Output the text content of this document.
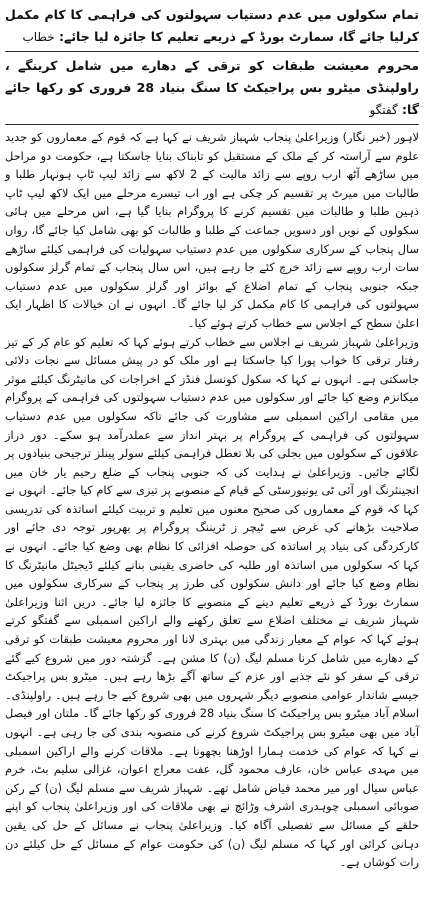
تمام سکولوں میں عدم دستیاب سہولتوں کی فراہمی کا کام مکمل کرلیا جائے گا، سمارٹ بورڈ کے ذریعے تعلیم کا جائزہ لیا جائے: خطاب
محروم معیشت طبقات کو ترقی کے دھارے میں شامل کرینگے ، راولپنڈی میٹرو بس پراجیکٹ کا سنگ بنیاد 28 فروری کو رکھا جائے گا: گفتگو

لاہور (خبر نگار) وزیراعلیٰ پنجاب شہباز شریف نے کہا ہے کہ قوم کے معماروں کو جدید علوم سے آراستہ کر کے ملک کے مستقبل کو تابناک بنایا جاسکتا ہے، حکومت دو مراحل میں ساڑھے آٹھ ارب روپے سے زائد مالیت کے 2 لاکھ سے زائد لیپ ٹاپ ہونہار طلبا و طالبات میں میرٹ پر تقسیم کر چکی ہے اور اب تیسرے مرحلے میں ایک لاکھ لیپ ٹاپ ذہین طلبا و طالبات میں تقسیم کرنے کا پروگرام بنایا گیا ہے، اس مرحلے میں ہائی سکولوں کے نویں اور دسویں جماعت کے طلبا و طالبات کو بھی شامل کیا جائے گا، رواں سال پنجاب کے سرکاری سکولوں میں عدم دستیاب سہولیات کی فراہمی کیلئے ساڑھے سات ارب روپے سے زائد خرچ کئے جا رہے ہیں، اس سال پنجاب کے تمام گرلز سکولوں جبکہ جنوبی پنجاب کے تمام اضلاع کے بوائز اور گرلز سکولوں میں عدم دستیاب سہولتوں کی فراہمی کا کام مکمل کر لیا جائے گا۔ انہوں نے ان خیالات کا اظہار ایک اعلیٰ سطح کے اجلاس سے خطاب کرتے ہوئے کیا۔

وزیراعلیٰ شہباز شریف نے اجلاس سے خطاب کرتے ہوئے کہا کہ تعلیم کو عام کر کے تیز رفتار ترقی کا خواب پورا کیا جاسکتا ہے اور ملک کو در پیش مسائل سے نجات دلائی جاسکتی ہے۔ انہوں نے کہا کہ سکول کونسل فنڈز کے اخراجات کی مانیٹرنگ کیلئے موثر میکانزم وضع کیا جائے اور سکولوں میں عدم دستیاب سہولتوں کی فراہمی کے پروگرام میں مقامی اراکین اسمبلی سے مشاورت کی جائے تاکہ سکولوں میں عدم دستیاب سہولتوں کی فراہمی کے پروگرام پر بہتر انداز سے عملدرآمد ہو سکے۔ دور دراز علاقوں کے سکولوں میں بجلی کی بلا تعطل فراہمی کیلئے سولر پینلز ترجیحی بنیادوں پر لگائے جائیں۔ وزیراعلیٰ نے ہدایت کی کہ جنوبی پنجاب کے ضلع رحیم یار خان میں انجینئرنگ اور آئی ٹی یونیورسٹی کے قیام کے منصوبے پر تیزی سے کام کیا جائے۔ انہوں نے کہا کہ قوم کے معماروں کی صحیح معنوں میں تعلیم و تربیت کیلئے اساتذہ کی تدریسی صلاحیت بڑھانے کی غرض سے ٹیچر ز ٹریننگ پروگرام پر بھرپور توجہ دی جائے اور کارکردگی کی بنیاد پر اساتذہ کی حوصلہ افزائی کا نظام بھی وضع کیا جائے۔ انہوں نے کہا کہ سکولوں میں اساتذہ اور طلبہ کی حاضری یقینی بنانے کیلئے ڈیجیٹل مانیٹرنگ کا نظام وضع کیا جائے اور دانش سکولوں کی طرز پر پنجاب کے سرکاری سکولوں میں سمارٹ بورڈ کے ذریعے تعلیم دینے کے منصوبے کا جائزہ لیا جائے۔ دریں اثنا وزیراعلیٰ شہباز شریف نے مختلف اضلاع سے تعلق رکھنے والے اراکین اسمبلی سے گفتگو کرتے ہوئے کہا کہ عوام کے معیار زندگی میں بہتری لانا اور محروم معیشت طبقات کو ترقی کے دھارے میں شامل کرنا مسلم لیگ (ن) کا مشن ہے۔ گزشتہ دور میں شروع کیے گئے ترقی کے سفر کو نئے جذبے اور عزم کے ساتھ آگے بڑھا رہے ہیں۔ میٹرو بس پراجیکٹ جیسے شاندار عوامی منصوبے دیگر شہروں میں بھی شروع کیے جا رہے ہیں۔ راولپنڈی۔ اسلام آباد میٹرو بس پراجیکٹ کا سنگ بنیاد 28 فروری کو رکھا جائے گا۔ ملتان اور فیصل آباد میں بھی میٹرو بس پراجیکٹ شروع کرنے کی منصوبہ بندی کی جا رہی ہے۔ انہوں نے کہا کہ عوام کی خدمت ہمارا اوڑھنا بچھونا ہے۔ ملاقات کرنے والے اراکین اسمبلی میں مہدی عباس خان، عارف محمود گل، عفت معراج اعوان، غزالی سلیم بٹ، خرم عباس سیال اور میر محمد فیاض شامل تھے۔ شہباز شریف سے مسلم لیگ (ن) کے رکن صوبائی اسمبلی چوہدری اشرف وڑائچ نے بھی ملاقات کی اور وزیراعلیٰ پنجاب کو اپنے حلقے کے مسائل سے تفصیلی آگاہ کیا۔ وزیراعلیٰ پنجاب نے مسائل کے حل کی یقین دہانی کرائی اور کہا کہ مسلم لیگ (ن) کی حکومت عوام کے مسائل کے حل کیلئے دن رات کوشاں ہے۔
